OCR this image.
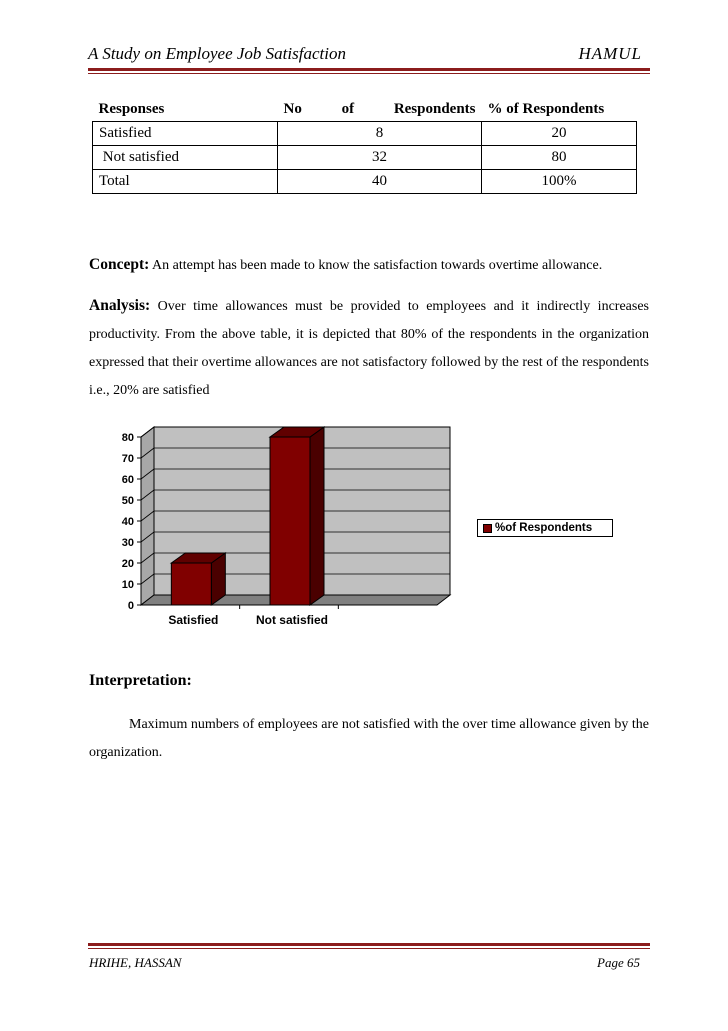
A Study on Employee Job Satisfaction	HAMUL
Responses	No of Respondents	% of Respondents
Satisfied	8	20
Not satisfied	32	80
Total	40	100%
Concept: An attempt has been made to know the satisfaction towards overtime allowance.
Analysis: Over time allowances must be provided to employees and it indirectly increases productivity. From the above table, it is depicted that 80% of the respondents in the organization expressed that their overtime allowances are not satisfactory followed by the rest of the respondents i.e., 20% are satisfied
0
10
20
30
40
50
60
70
80
Satisfied	Not satisfied
%of Respondents
Interpretation:
Maximum numbers of employees are not satisfied with the over time allowance given by the organization.
HRIHE, HASSAN	Page 65
